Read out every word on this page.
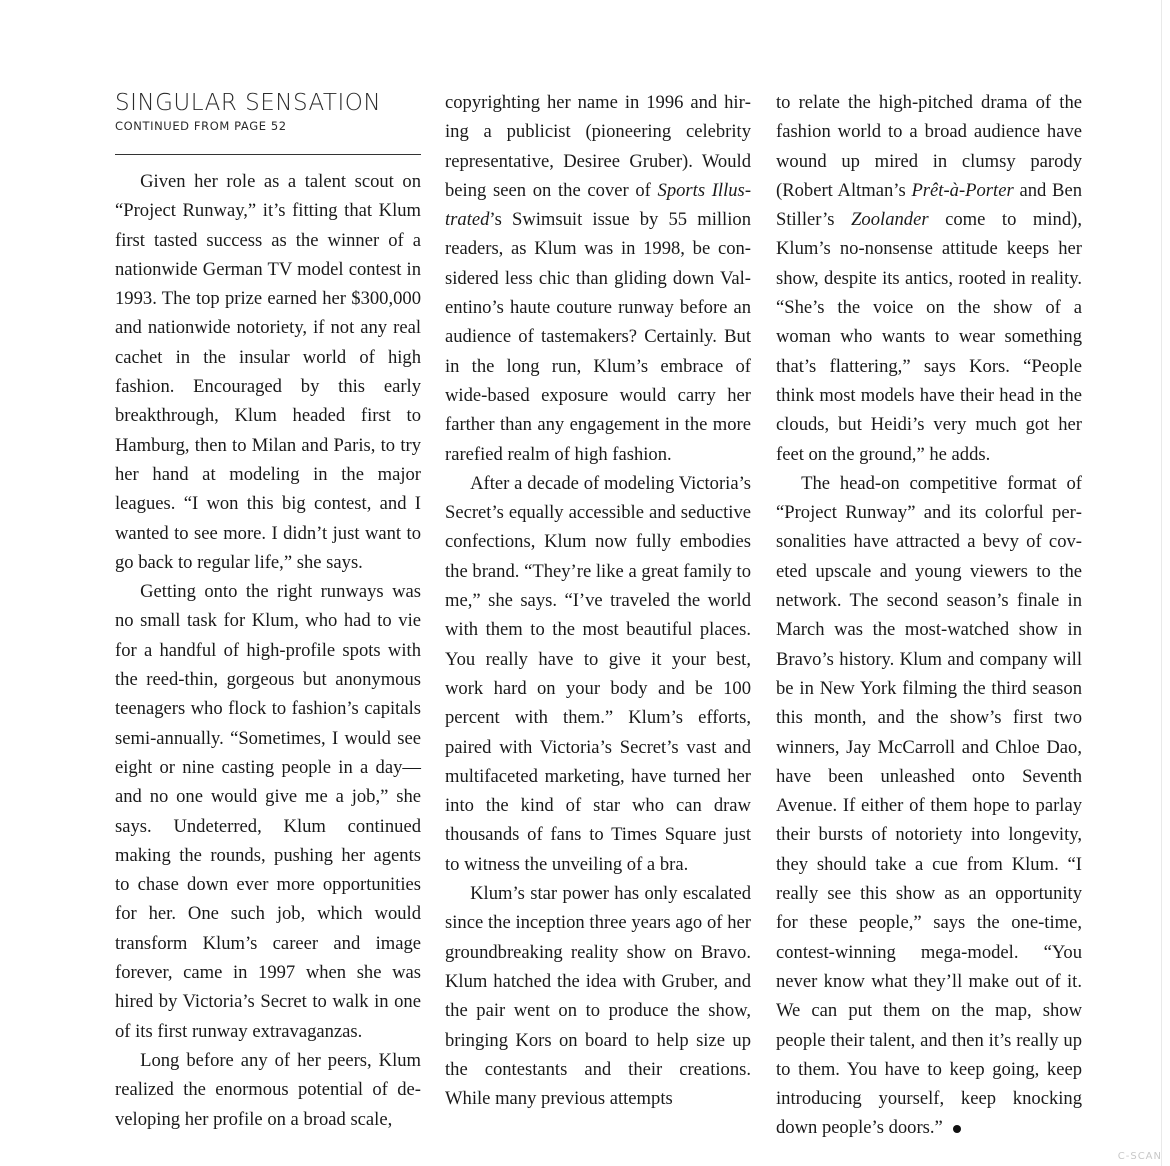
SINGULAR SENSATION
CONTINUED FROM PAGE 52

Given her role as a talent scout on “Project Runway,” it’s fitting that Klum first tasted success as the winner of a nationwide German TV model contest in 1993. The top prize earned her $300,000 and nationwide notoriety, if not any real cachet in the insular world of high fashion. Encouraged by this early breakthrough, Klum headed first to Hamburg, then to Milan and Paris, to try her hand at modeling in the major leagues. “I won this big contest, and I wanted to see more. I didn’t just want to go back to regular life,” she says.

Getting onto the right runways was no small task for Klum, who had to vie for a handful of high-profile spots with the reed-thin, gorgeous but anonymous teenagers who flock to fashion’s capitals semi-annually. “Sometimes, I would see eight or nine casting people in a day—and no one would give me a job,” she says. Undeterred, Klum continued making the rounds, pushing her agents to chase down ever more opportunities for her. One such job, which would transform Klum’s career and image forever, came in 1997 when she was hired by Victoria’s Secret to walk in one of its first runway extravaganzas.

Long before any of her peers, Klum realized the enormous potential of developing her profile on a broad scale,

copyrighting her name in 1996 and hiring a publicist (pioneering celebrity representative, Desiree Gruber). Would being seen on the cover of Sports Illustrated’s Swimsuit issue by 55 million readers, as Klum was in 1998, be considered less chic than gliding down Valentino’s haute couture runway before an audience of tastemakers? Certainly. But in the long run, Klum’s embrace of wide-based exposure would carry her farther than any engagement in the more rarefied realm of high fashion.

After a decade of modeling Victoria’s Secret’s equally accessible and seductive confections, Klum now fully embodies the brand. “They’re like a great family to me,” she says. “I’ve traveled the world with them to the most beautiful places. You really have to give it your best, work hard on your body and be 100 percent with them.” Klum’s efforts, paired with Victoria’s Secret’s vast and multifaceted marketing, have turned her into the kind of star who can draw thousands of fans to Times Square just to witness the unveiling of a bra.

Klum’s star power has only escalated since the inception three years ago of her groundbreaking reality show on Bravo. Klum hatched the idea with Gruber, and the pair went on to produce the show, bringing Kors on board to help size up the contestants and their creations. While many previous attempts

to relate the high-pitched drama of the fashion world to a broad audience have wound up mired in clumsy parody (Robert Altman’s Prêt-à-Porter and Ben Stiller’s Zoolander come to mind), Klum’s no-nonsense attitude keeps her show, despite its antics, rooted in reality. “She’s the voice on the show of a woman who wants to wear something that’s flattering,” says Kors. “People think most models have their head in the clouds, but Heidi’s very much got her feet on the ground,” he adds.

The head-on competitive format of “Project Runway” and its colorful personalities have attracted a bevy of coveted upscale and young viewers to the network. The second season’s finale in March was the most-watched show in Bravo’s history. Klum and company will be in New York filming the third season this month, and the show’s first two winners, Jay McCarroll and Chloe Dao, have been unleashed onto Seventh Avenue. If either of them hope to parlay their bursts of notoriety into longevity, they should take a cue from Klum. “I really see this show as an opportunity for these people,” says the one-time, contest-winning mega-model. “You never know what they’ll make out of it. We can put them on the map, show people their talent, and then it’s really up to them. You have to keep going, keep introducing yourself, keep knocking down people’s doors.”

C-SCAN
